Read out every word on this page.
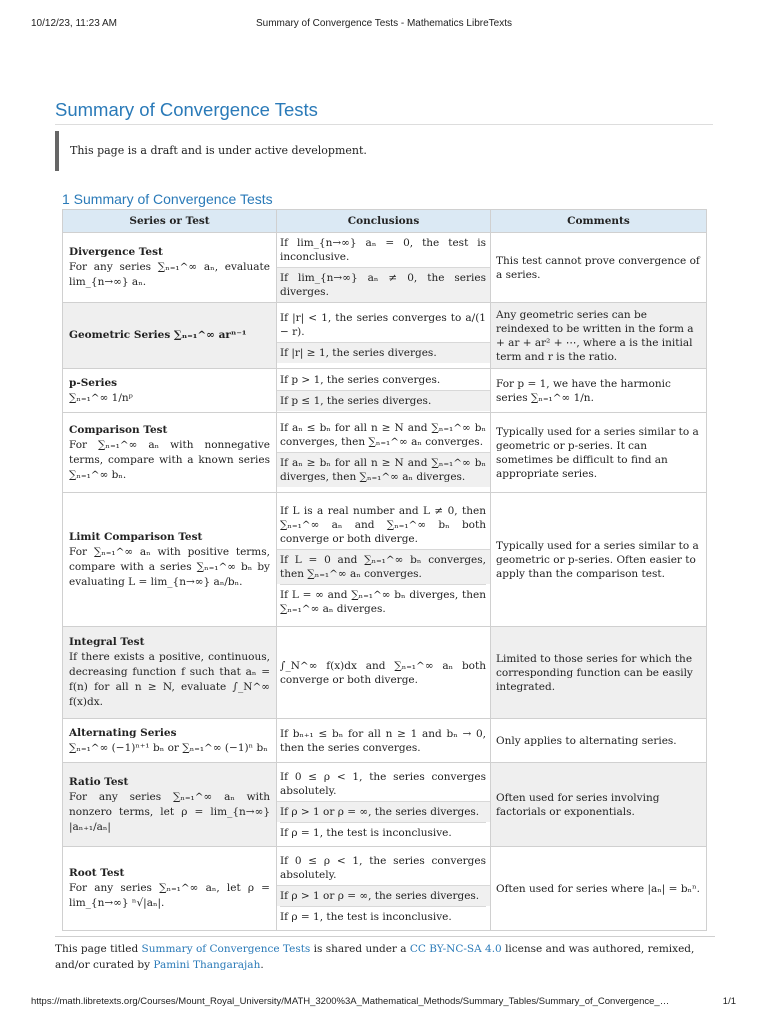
10/12/23, 11:23 AM	Summary of Convergence Tests - Mathematics LibreTexts
Summary of Convergence Tests
This page is a draft and is under active development.
1 Summary of Convergence Tests
Series or Test	Conclusions	Comments

Divergence Test
For any series ∑ₙ₌₁^∞ aₙ, evaluate lim_{n→∞} aₙ.	If lim_{n→∞} aₙ = 0, the test is inconclusive.
If lim_{n→∞} aₙ ≠ 0, the series diverges.	This test cannot prove convergence of a series.

Geometric Series ∑ₙ₌₁^∞ arⁿ⁻¹	If |r| < 1, the series converges to a/(1 − r).
If |r| ≥ 1, the series diverges.	Any geometric series can be reindexed to be written in the form a + ar + ar² + ⋯, where a is the initial term and r is the ratio.

p-Series
∑ₙ₌₁^∞ 1/nᵖ	If p > 1, the series converges.
If p ≤ 1, the series diverges.	For p = 1, we have the harmonic series ∑ₙ₌₁^∞ 1/n.

Comparison Test
For ∑ₙ₌₁^∞ aₙ with nonnegative terms, compare with a known series ∑ₙ₌₁^∞ bₙ.	If aₙ ≤ bₙ for all n ≥ N and ∑ₙ₌₁^∞ bₙ converges, then ∑ₙ₌₁^∞ aₙ converges.
If aₙ ≥ bₙ for all n ≥ N and ∑ₙ₌₁^∞ bₙ diverges, then ∑ₙ₌₁^∞ aₙ diverges.	Typically used for a series similar to a geometric or p-series. It can sometimes be difficult to find an appropriate series.

Limit Comparison Test
For ∑ₙ₌₁^∞ aₙ with positive terms, compare with a series ∑ₙ₌₁^∞ bₙ by evaluating L = lim_{n→∞} aₙ/bₙ.	If L is a real number and L ≠ 0, then ∑ₙ₌₁^∞ aₙ and ∑ₙ₌₁^∞ bₙ both converge or both diverge.
If L = 0 and ∑ₙ₌₁^∞ bₙ converges, then ∑ₙ₌₁^∞ aₙ converges.
If L = ∞ and ∑ₙ₌₁^∞ bₙ diverges, then ∑ₙ₌₁^∞ aₙ diverges.	Typically used for a series similar to a geometric or p-series. Often easier to apply than the comparison test.

Integral Test
If there exists a positive, continuous, decreasing function f such that aₙ = f(n) for all n ≥ N, evaluate ∫_N^∞ f(x)dx.	∫_N^∞ f(x)dx and ∑ₙ₌₁^∞ aₙ both converge or both diverge.	Limited to those series for which the corresponding function can be easily integrated.

Alternating Series
∑ₙ₌₁^∞ (−1)ⁿ⁺¹ bₙ or ∑ₙ₌₁^∞ (−1)ⁿ bₙ	If bₙ₊₁ ≤ bₙ for all n ≥ 1 and bₙ → 0, then the series converges.	Only applies to alternating series.

Ratio Test
For any series ∑ₙ₌₁^∞ aₙ with nonzero terms, let ρ = lim_{n→∞} |aₙ₊₁/aₙ|	If 0 ≤ ρ < 1, the series converges absolutely.
If ρ > 1 or ρ = ∞, the series diverges.
If ρ = 1, the test is inconclusive.	Often used for series involving factorials or exponentials.

Root Test
For any series ∑ₙ₌₁^∞ aₙ, let ρ = lim_{n→∞} ⁿ√|aₙ|.	If 0 ≤ ρ < 1, the series converges absolutely.
If ρ > 1 or ρ = ∞, the series diverges.
If ρ = 1, the test is inconclusive.	Often used for series where |aₙ| = bₙⁿ.
This page titled Summary of Convergence Tests is shared under a CC BY-NC-SA 4.0 license and was authored, remixed, and/or curated by Pamini Thangarajah.
https://math.libretexts.org/Courses/Mount_Royal_University/MATH_3200%3A_Mathematical_Methods/Summary_Tables/Summary_of_Convergence_…	1/1
